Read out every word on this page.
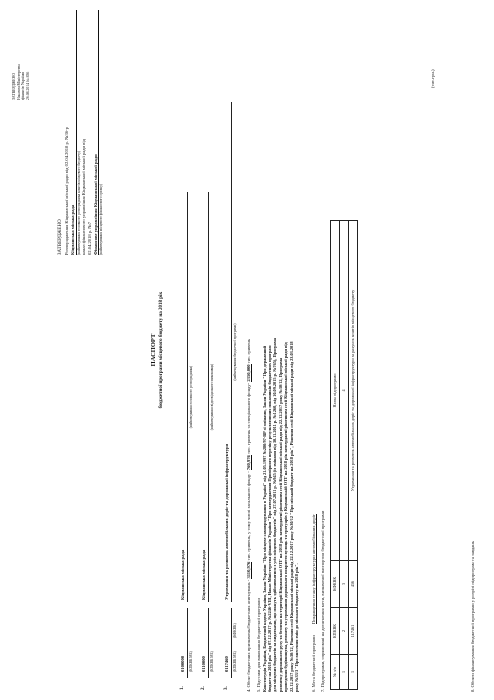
ЗАТВЕРДЖЕНО Наказом Міністерства фінансів України 26.08.2014 № 836
ЗАТВЕРДЖЕНО Розпорядження Кіцманської міської ради від 02.04.2018 р. №36-р Кіцманська міська рада (найменування головного розпорядника коштів місцевого бюджету) наказ фінансового управління Кіцманської міської ради від 02.04.2018 р. №7 Фінансове управління Кіцманської міської ради (найменування місцевого фінансового органу)
ПАСПОРТ бюджетної програми місцевого бюджету на 2018 рік
1.
0100000 (КПКВК МБ)
Кіцманська міська рада
(найменування головного розпорядника)
2.
0110000 (КПКВК МБ)
Кіцманська міська рада
(найменування відповідального виконавця)
3.
0117460 (КПКВК МБ)
(КФКВК)
Утримання та розвиток автомобільних доріг та дорожньої інфраструктури
(найменування бюджетної програми)
4. Обсяг бюджетних призначень/бюджетних асигнувань - 3110,976 тис. гривень, у тому числі загального фонду - 760,976 тис. гривень та спеціального фонду- 2350,000 тис. гривень
5. Підстави для виконання бюджетної програми Конституція України, Бюджетний кодекс України, Закон України "Про місцеве самоврядування в Україні" від 21.05.1997 №280/97-ВР зі змінами, Закон України "Про державний бюджет на 2018 рік" від 07.12.2017 р. №2246-VIII, Наказ Міністерства фінансів України "Про затвердження Примірного переліку результативних показників бюджетних програм для місцевих бюджетів за видатками, що можуть здійснюватися з усіх місцевих бюджетів" від 27.07.2011 р. №945 (із змінами від 30.11.2011 р. №1260, від 10.09.2015 р. №765), Програма розвитку дорожнього руху та безпеки на території Кіцманської ОТГ на 2018 рік затверджені рішенням сесії Кіцманської міської ради від 22.12.2017 року №30/12, Програма проведення будівництва, ремонту та утримання дорожнього покриття вулиць та тротуарів у Кіцманській ОТГ на 2018 рік затверджені рішенням сесії Кіцманської міської ради від 22.12.2017 року №30/12, Рішення сесії Кіцманської міської ради від 22.12.2017 року №30/12 "Про міський бюджет на 2018 рік", Рішення сесії Кіцманської міської ради від 23.03.2018 року №33/3 "Про внесення змін до міського бюджету на 2018 рік".	6. Мета бюджетної програми Покращення стану інфраструктури автомобільних доріг 7. Підпрограми, спрямовані на досягнення мети, визначеної паспортом бюджетної програми № з/п	КПКВК	КФКВК	Назва підпрограми
1	2	3	4
1	117461	456	Утримання та розвиток автомобільних доріг та дорожньої інфраструктури за рахунок коштів місцевого бюджету
8. Обсяги фінансування бюджетної програми у розрізі підпрограм та завдань
(тис.грн.)
